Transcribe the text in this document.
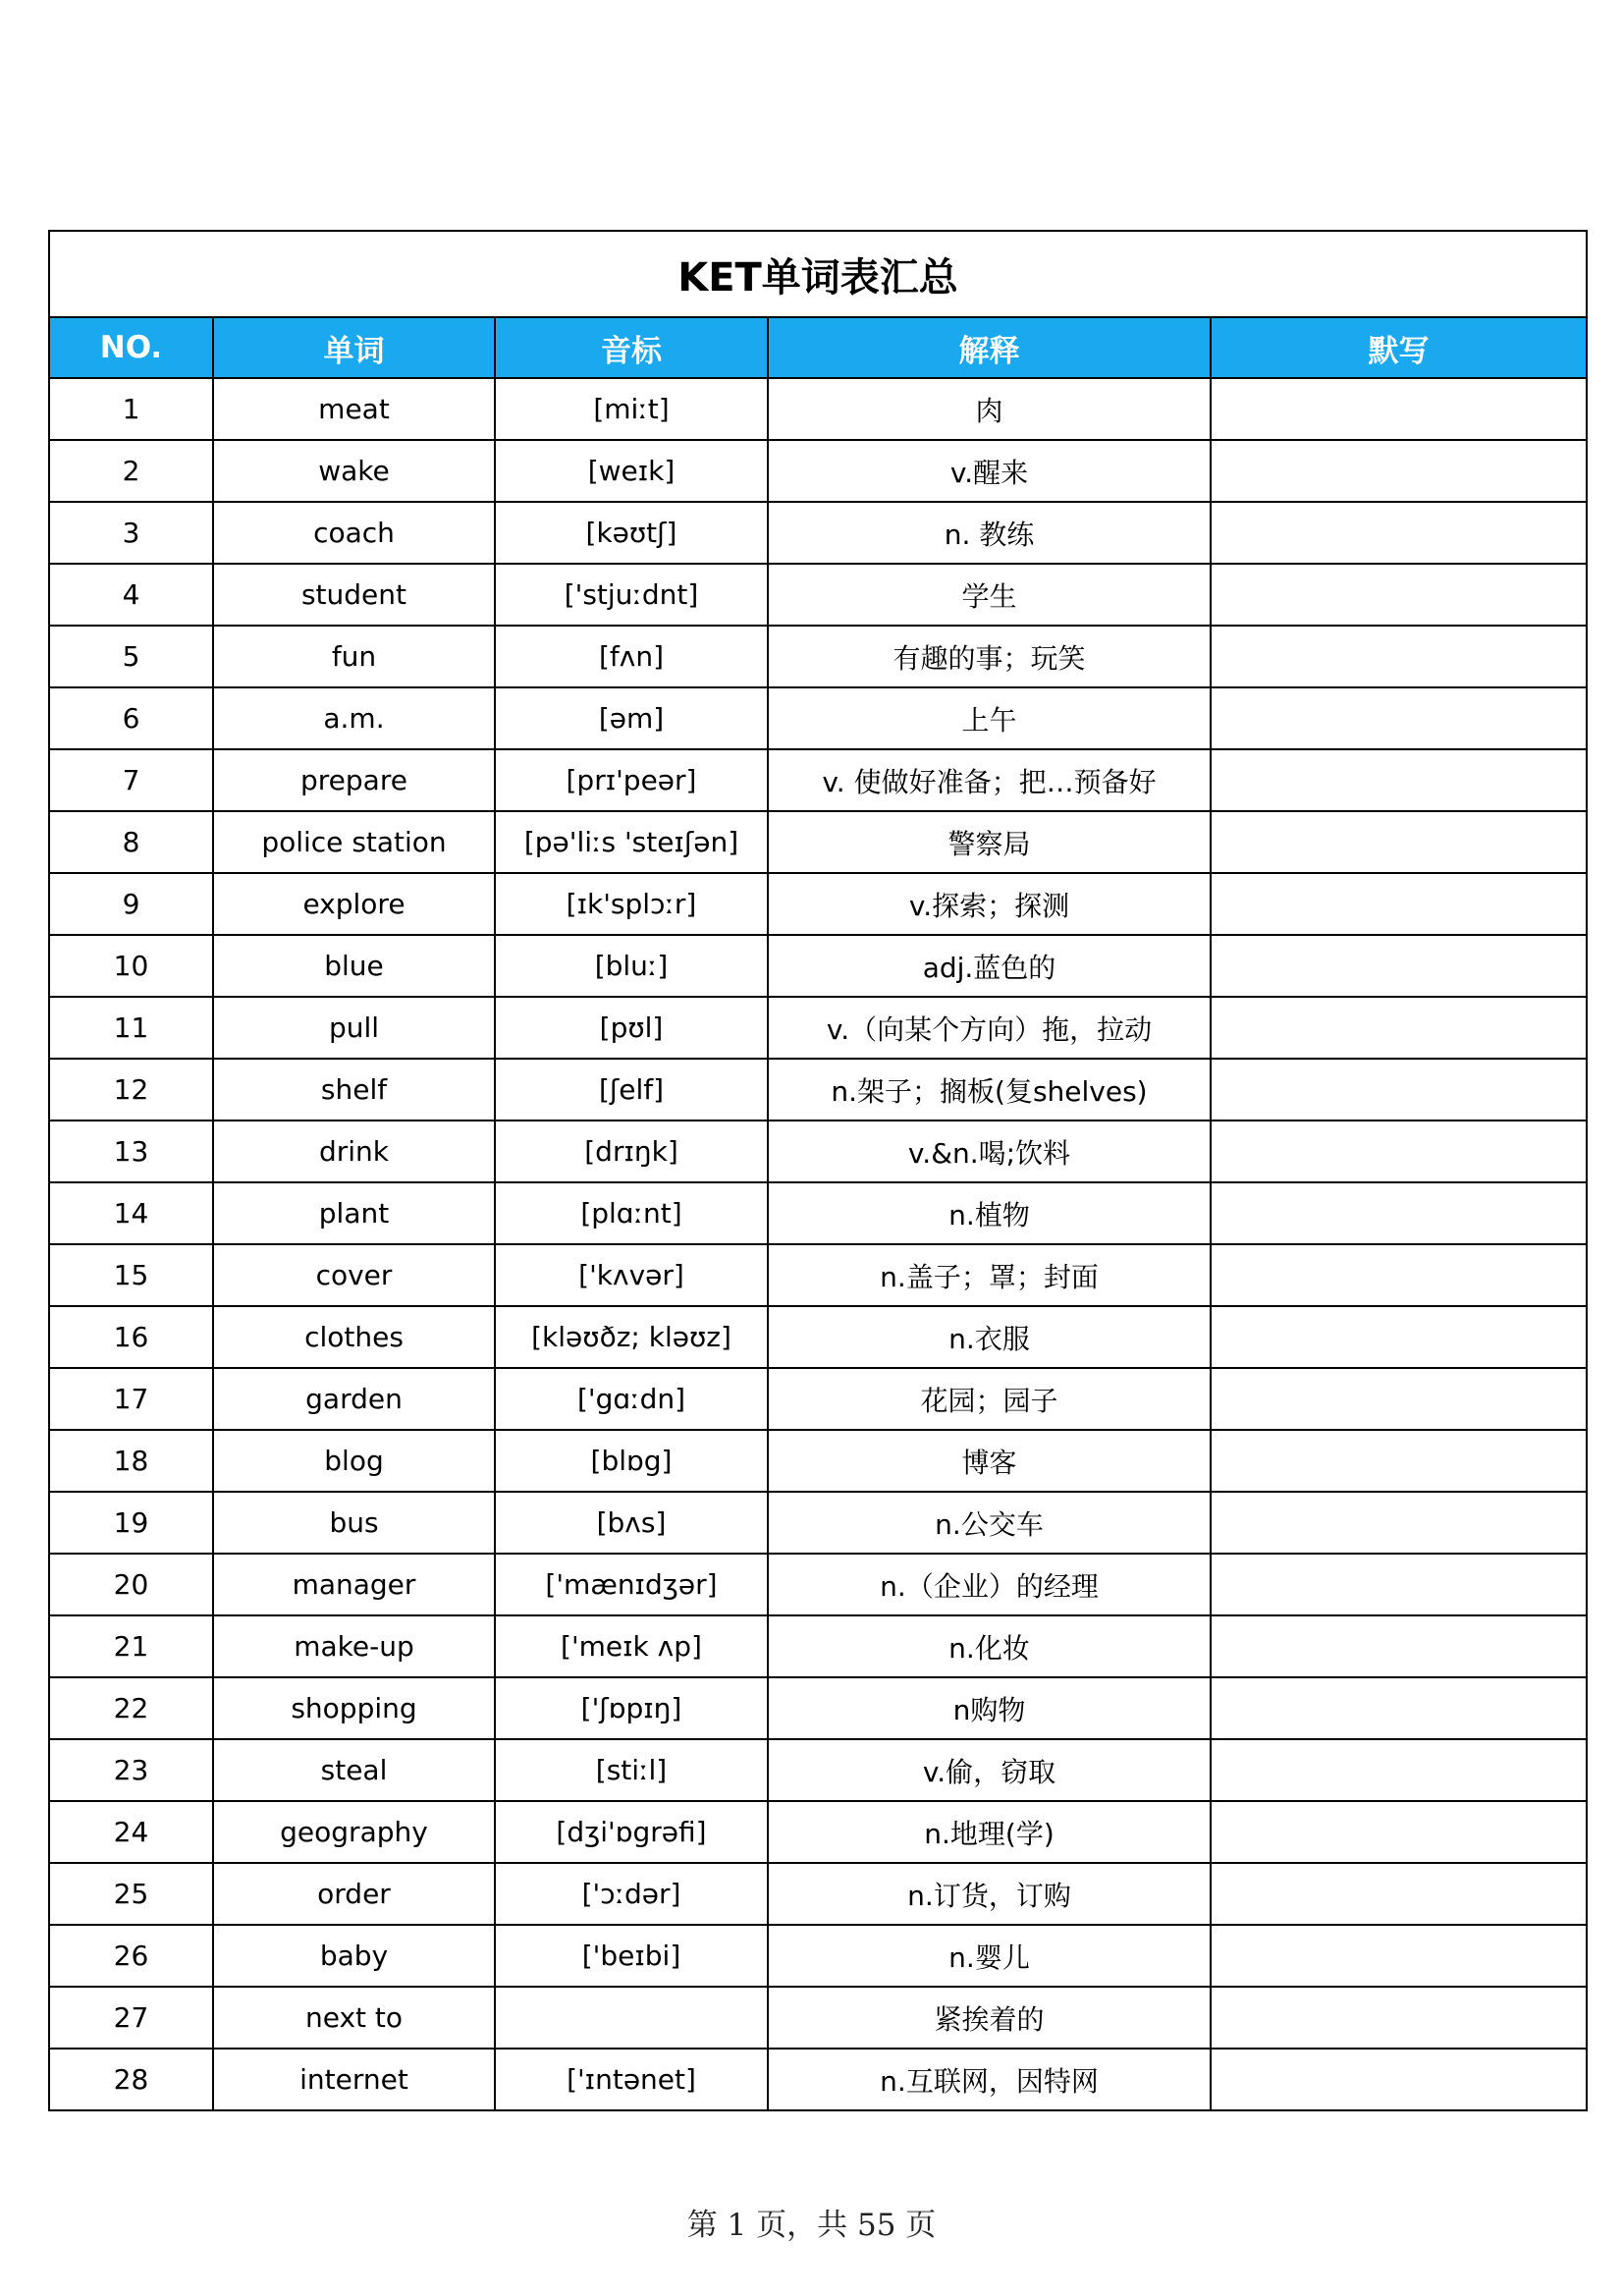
KET单词表汇总				
NO.	单词	音标	解释	默写
1	meat	[miːt]	肉	
2	wake	[weɪk]	v.醒来	
3	coach	[kəʊtʃ]	n. 教练	
4	student	['stjuːdnt]	学生	
5	fun	[fʌn]	有趣的事；玩笑	
6	a.m.	[əm]	上午	
7	prepare	[prɪ'peər]	v. 使做好准备；把…预备好	
8	police station	[pə'liːs 'steɪʃən]	警察局	
9	explore	[ɪk'splɔːr]	v.探索；探测	
10	blue	[bluː]	adj.蓝色的	
11	pull	[pʊl]	v.（向某个方向）拖，拉动	
12	shelf	[ʃelf]	n.架子；搁板(复shelves)	
13	drink	[drɪŋk]	v.&n.喝;饮料	
14	plant	[plɑːnt]	n.植物	
15	cover	['kʌvər]	n.盖子；罩；封面	
16	clothes	[kləʊðz; kləʊz]	n.衣服	
17	garden	['gɑːdn]	花园；园子	
18	blog	[blɒg]	博客	
19	bus	[bʌs]	n.公交车	
20	manager	['mænɪdʒər]	n.（企业）的经理	
21	make-up	['meɪk ʌp]	n.化妆	
22	shopping	['ʃɒpɪŋ]	n购物	
23	steal	[stiːl]	v.偷，窃取	
24	geography	[dʒi'ɒgrəfi]	n.地理(学)	
25	order	['ɔːdər]	n.订货，订购	
26	baby	['beɪbi]	n.婴儿	
27	next to		紧挨着的	
28	internet	['ɪntənet]	n.互联网，因特网	
第 1 页，共 55 页
